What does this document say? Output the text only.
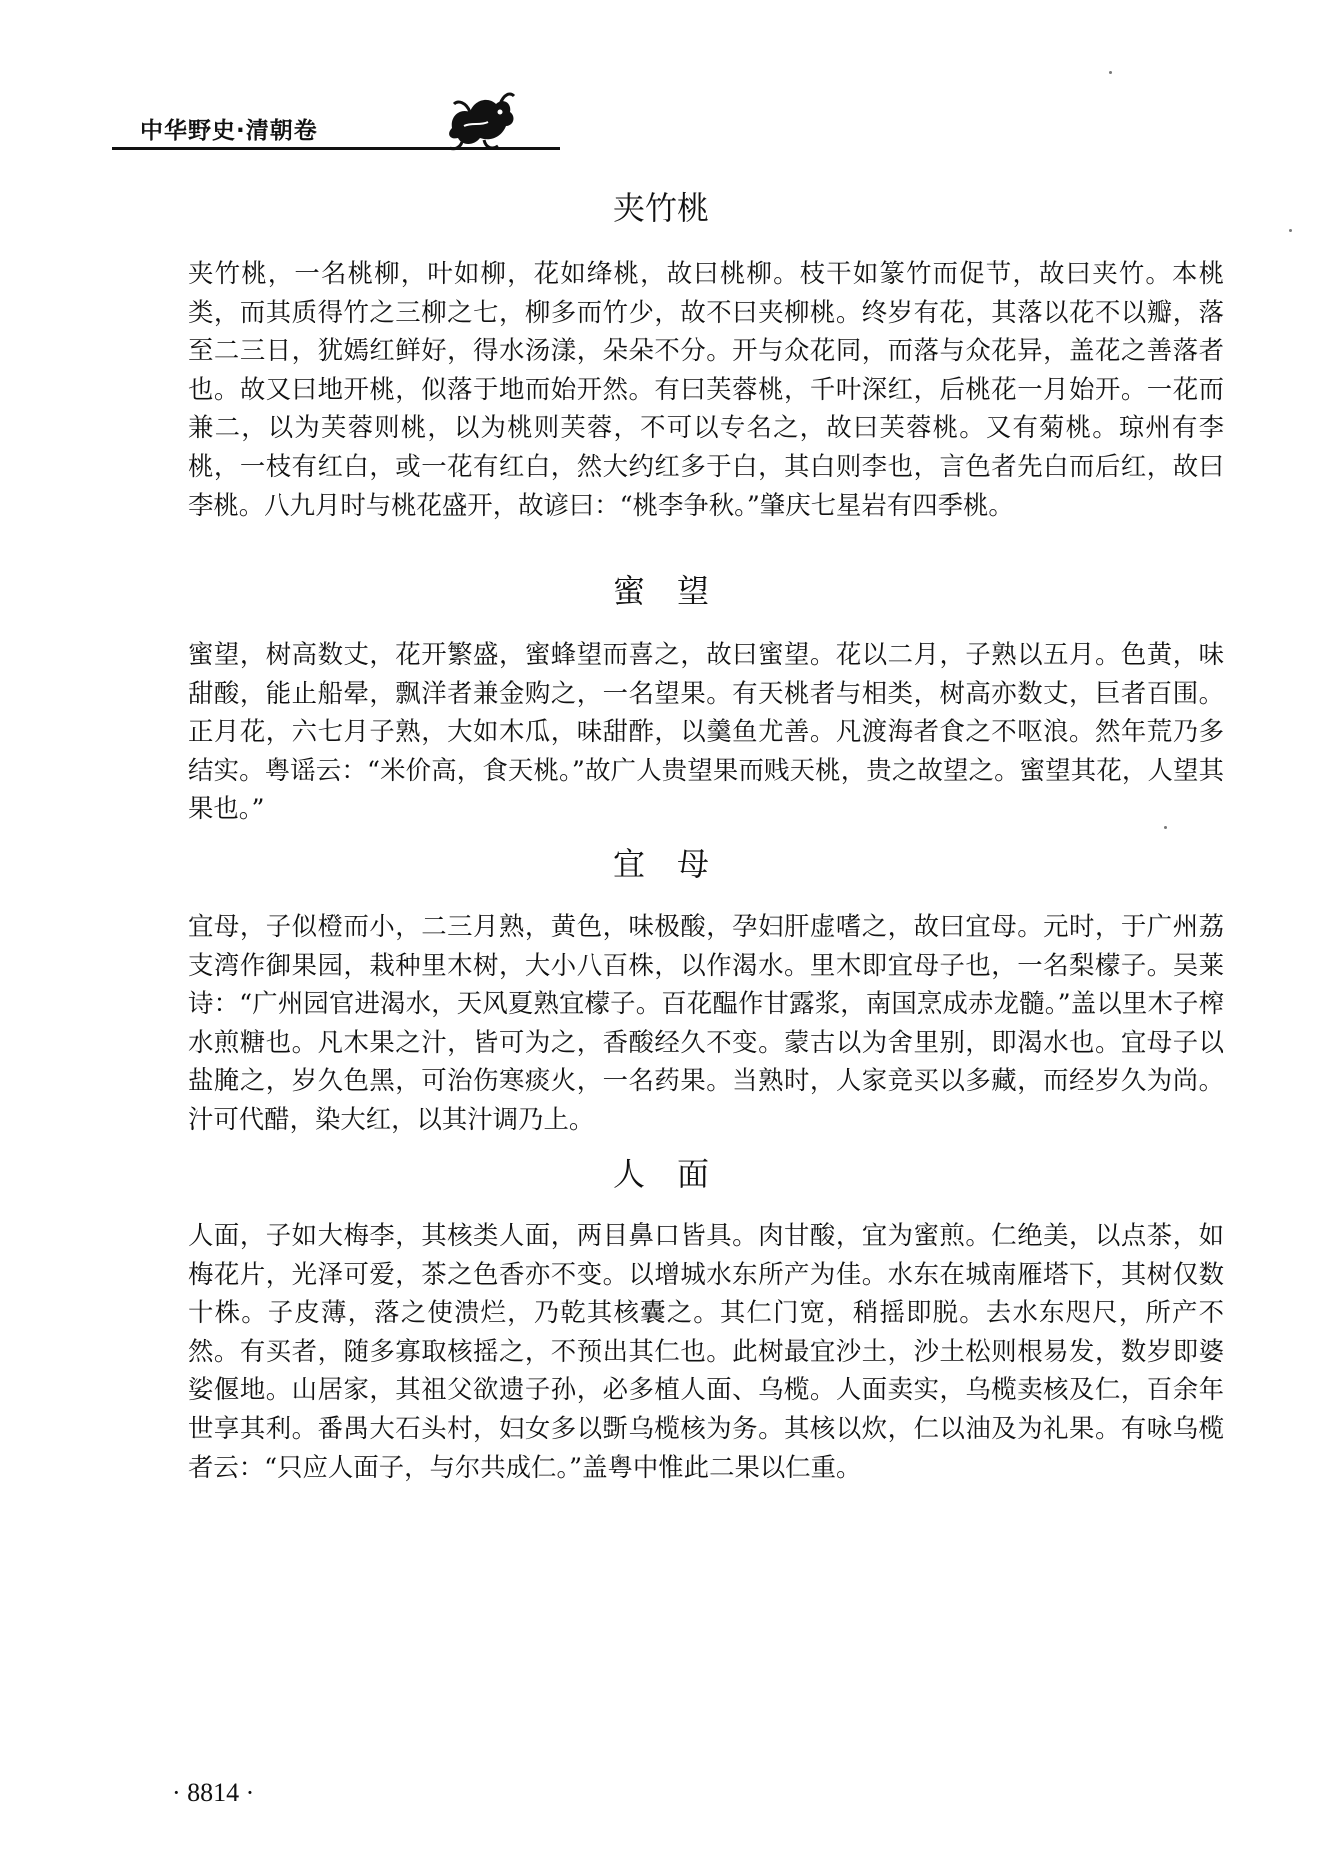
中华野史·清朝卷
夹竹桃

夹竹桃，一名桃柳，叶如柳，花如绛桃，故曰桃柳。枝干如篆竹而促节，故曰夹竹。本桃类，而其质得竹之三柳之七，柳多而竹少，故不曰夹柳桃。终岁有花，其落以花不以瓣，落至二三日，犹嫣红鲜好，得水汤漾，朵朵不分。开与众花同，而落与众花异，盖花之善落者也。故又曰地开桃，似落于地而始开然。有曰芙蓉桃，千叶深红，后桃花一月始开。一花而兼二，以为芙蓉则桃，以为桃则芙蓉，不可以专名之，故曰芙蓉桃。又有菊桃。琼州有李桃，一枝有红白，或一花有红白，然大约红多于白，其白则李也，言色者先白而后红，故曰李桃。八九月时与桃花盛开，故谚曰：“桃李争秋。”肇庆七星岩有四季桃。

蜜　望

蜜望，树高数丈，花开繁盛，蜜蜂望而喜之，故曰蜜望。花以二月，子熟以五月。色黄，味甜酸，能止船晕，飘洋者兼金购之，一名望果。有天桃者与相类，树高亦数丈，巨者百围。正月花，六七月子熟，大如木瓜，味甜酢，以羹鱼尤善。凡渡海者食之不呕浪。然年荒乃多结实。粤谣云：“米价高，食天桃。”故广人贵望果而贱天桃，贵之故望之。蜜望其花，人望其果也。”

宜　母

宜母，子似橙而小，二三月熟，黄色，味极酸，孕妇肝虚嗜之，故曰宜母。元时，于广州荔支湾作御果园，栽种里木树，大小八百株，以作渴水。里木即宜母子也，一名梨檬子。吴莱诗：“广州园官进渴水，天风夏熟宜檬子。百花醖作甘露浆，南国烹成赤龙髓。”盖以里木子榨水煎糖也。凡木果之汁，皆可为之，香酸经久不变。蒙古以为舍里别，即渴水也。宜母子以盐腌之，岁久色黑，可治伤寒痰火，一名药果。当熟时，人家竞买以多藏，而经岁久为尚。汁可代醋，染大红，以其汁调乃上。

人　面

人面，子如大梅李，其核类人面，两目鼻口皆具。肉甘酸，宜为蜜煎。仁绝美，以点茶，如梅花片，光泽可爱，茶之色香亦不变。以增城水东所产为佳。水东在城南雁塔下，其树仅数十株。子皮薄，落之使溃烂，乃乾其核囊之。其仁门宽，稍摇即脱。去水东咫尺，所产不然。有买者，随多寡取核摇之，不预出其仁也。此树最宜沙土，沙土松则根易发，数岁即婆娑偃地。山居家，其祖父欲遗子孙，必多植人面、乌榄。人面卖实，乌榄卖核及仁，百余年世享其利。番禺大石头村，妇女多以斲乌榄核为务。其核以炊，仁以油及为礼果。有咏乌榄者云：“只应人面子，与尔共成仁。”盖粤中惟此二果以仁重。

· 8814 ·
